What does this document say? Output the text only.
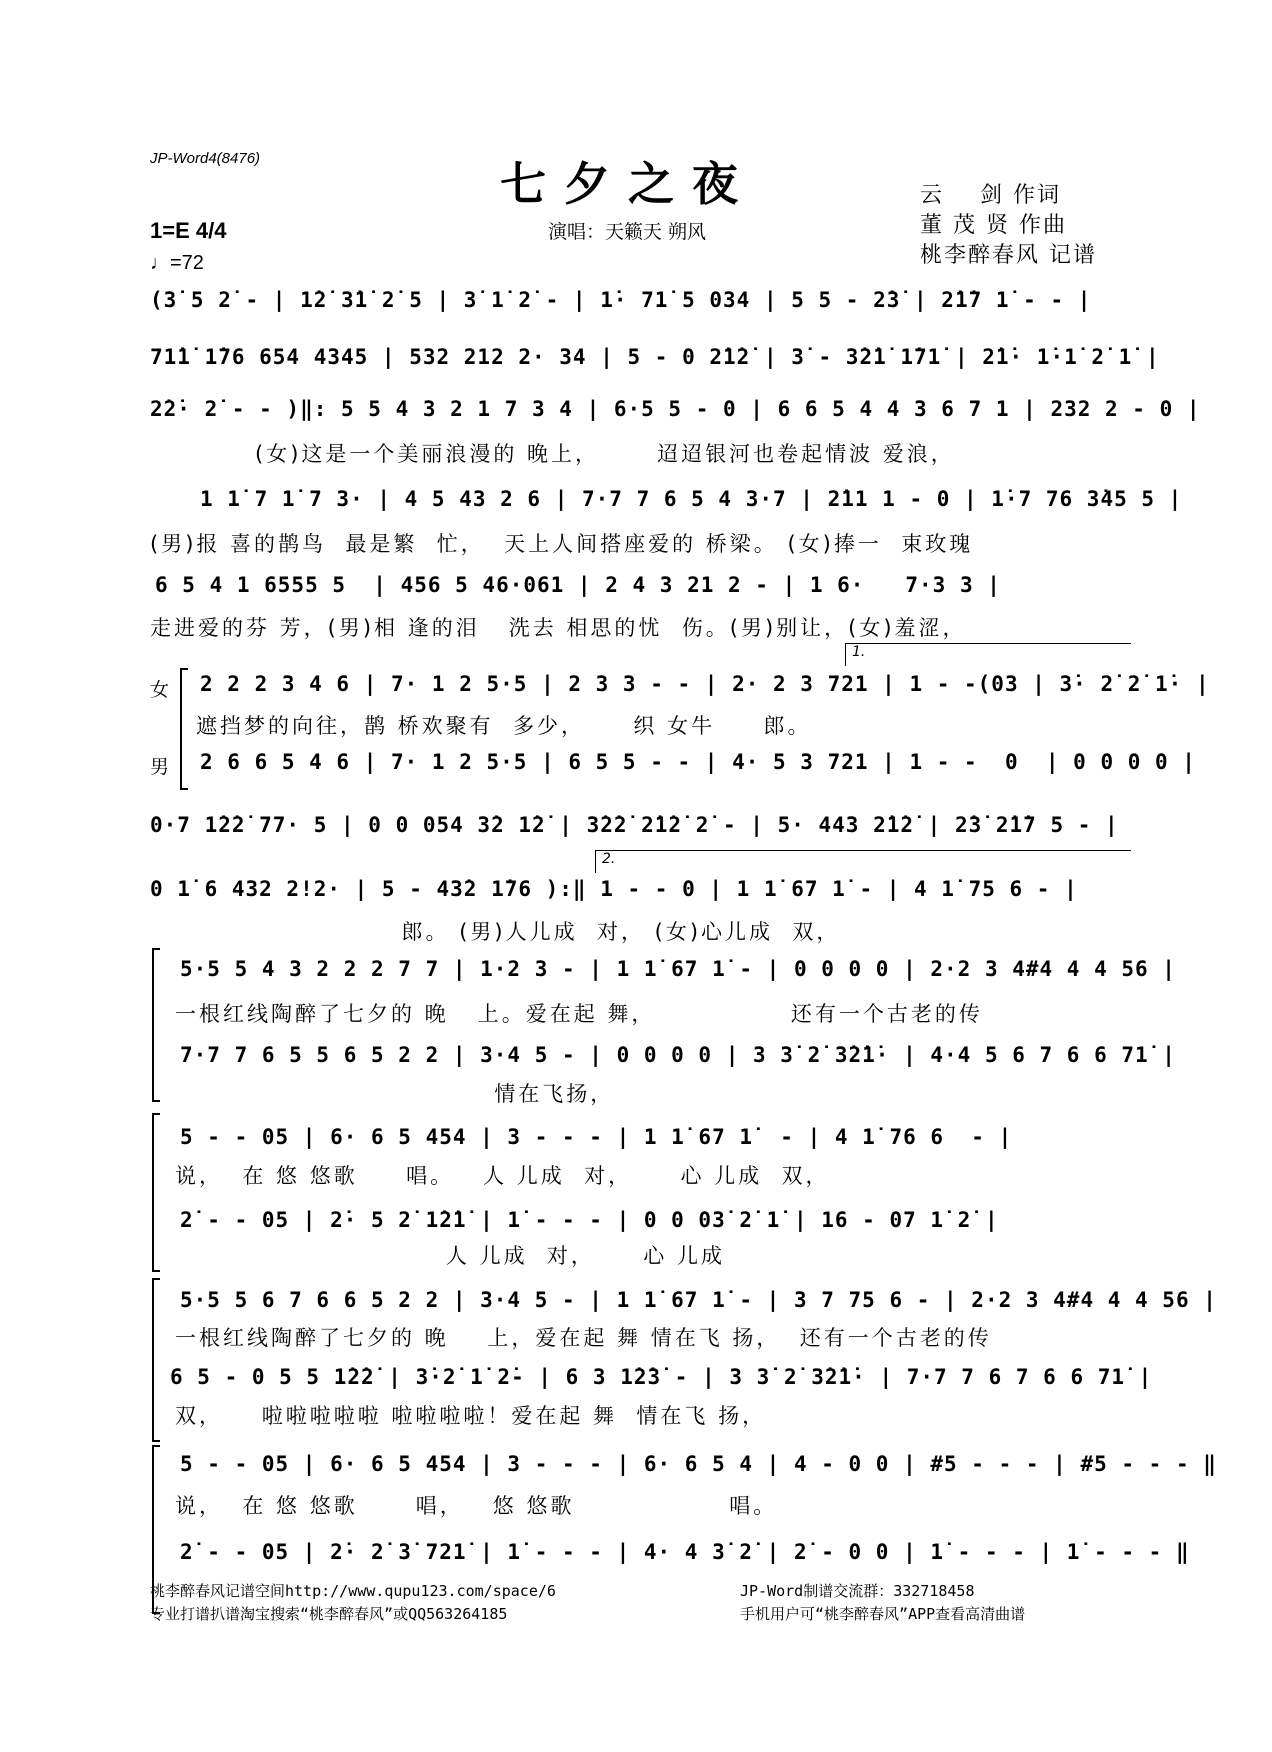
JP-Word4(8476)	七夕之夜
演唱：天籁天 朔风
云    剑 作词
董 茂 贤 作曲
桃李醉春风 记谱
1=E 4/4
♩=72
(3̇ 5 2̇ - | 1̇2̇ 3̇1̇ 2̇ 5 | 3̇ 1̇ 2̇ - | 1̇· 71̇ 5 034 | 5 5 - 2̇3̇ | 2̇1̇7 1̇ - - |
71̇1̇ 1̇76 654 4345 | 532 212 2· 34 | 5 - 0 2̇1̇2̇ | 3̇ - 3̇2̇1̇ 1̇71̇ | 2̇1̇· 1̇·1̇ 2̇ 1̇ |
2̇2̇· 2̇ - - )‖: 5 5 4 3 2 1 7 3 4 | 6·5 5 - 0 | 6 6 5 4 4 3 6 7 1 | 232 2 - 0 |
(女)这是一个美丽浪漫的 晚上，      迢迢银河也卷起情波 爱浪，
1 1̇ 7 1̇ 7 3· | 4 5 43 2 6 | 7·7 7 6 5 4 3·7 | 2̇11 1 - 0 | 1̇·7 76 3̇45 5 |
(男)报 喜的鹊鸟  最是繁  忙，  天上人间搭座爱的 桥梁。 (女)捧一  束玫瑰
6 5 4 1 6555 5  | 456 5 46·061 | 2 4 3 21 2 - | 1 6·   7·3 3 |
走进爱的芬 芳，(男)相 逢的泪   洗去 相思的忧  伤。(男)别让，(女)羞涩，
1.
女
男
2 2 2 3 4 6 | 7· 1 2 5·5 | 2 3 3 - - | 2· 2 3 721 | 1 - -(03 | 3̇· 2̇ 2̇ 1̇· |
遮挡梦的向往，鹊 桥欢聚有  多少，     织 女牛     郎。
2 6 6 5 4 6 | 7· 1 2 5·5 | 6 5 5 - - | 4· 5 3 721 | 1 - -  0  | 0 0 0 0 |
0·7 1̇2̇2̇ 77· 5 | 0 0 054 3̇2 1̇2̇ | 3̇2̇2̇ 2̇1̇2̇ 2̇ - | 5· 443 2̇1̇2̇ | 2̇3̇ 2̇1̇7 5 - |
2.
0 1̇ 6 432 2!2· | 5 - 43̇2 1̇76 ):‖ 1 - - 0 | 1 1̇ 67 1̇ - | 4 1̇ 75 6 - |
郎。 (男)人儿成  对， (女)心儿成  双，
5·5 5 4 3 2 2 2 7 7 | 1·2 3 - | 1 1̇ 67 1̇ - | 0 0 0 0 | 2·2 3 4#4 4 4 56 |
一根红线陶醉了七夕的 晚   上。爱在起 舞，              还有一个古老的传
7·7 7 6 5 5 6 5 2 2 | 3·4 5 - | 0 0 0 0 | 3 3̇ 2̇ 3̇2̇1̇· | 4·4 5 6 7 6 6 71̇ |
情在飞扬，
5 - - 05 | 6· 6 5 454 | 3 - - - | 1 1̇ 67 1̇  - | 4 1̇ 76 6  - |
说，  在 悠 悠歌     唱。   人 儿成  对，     心 儿成  双，
2̇ - - 05 | 2̇· 5 2̇ 1̇2̇1̇ | 1̇ - - - | 0 0 03̇ 2̇ 1̇ | 16 - 07 1̇ 2̇ |
人 儿成  对，     心 儿成
5·5 5 6 7 6 6 5 2 2 | 3·4 5 - | 1 1̇ 67 1̇ - | 3 7 75 6 - | 2·2 3 4#4 4 4 56 |
一根红线陶醉了七夕的 晚    上，爱在起 舞 情在飞 扬，  还有一个古老的传
6 5 - 0 5 5 1̇2̇2̇ | 3̇·2̇ 1̇ 2̇- | 6 3 1̇2̇3̇ - | 3 3̇ 2̇ 3̇2̇1̇· | 7·7 7 6 7 6 6 71̇ |
双，    啦啦啦啦啦 啦啦啦啦！爱在起 舞  情在飞 扬，
5 - - 05 | 6· 6 5 454 | 3 - - - | 6· 6 5 4 | 4 - 0 0 | #5 - - - | #5 - - - ‖
说，  在 悠 悠歌      唱，   悠 悠歌                唱。
2̇ - - 05 | 2̇· 2̇ 3̇ 721̇ | 1̇ - - - | 4· 4 3̇ 2̇ | 2̇ - 0 0 | 1̇ - - - | 1̇ - - - ‖
桃李醉春风记谱空间http://www.qupu123.com/space/6
专业打谱扒谱淘宝搜索“桃李醉春风”或QQ563264185
JP-Word制谱交流群：332718458
手机用户可“桃李醉春风”APP查看高清曲谱
